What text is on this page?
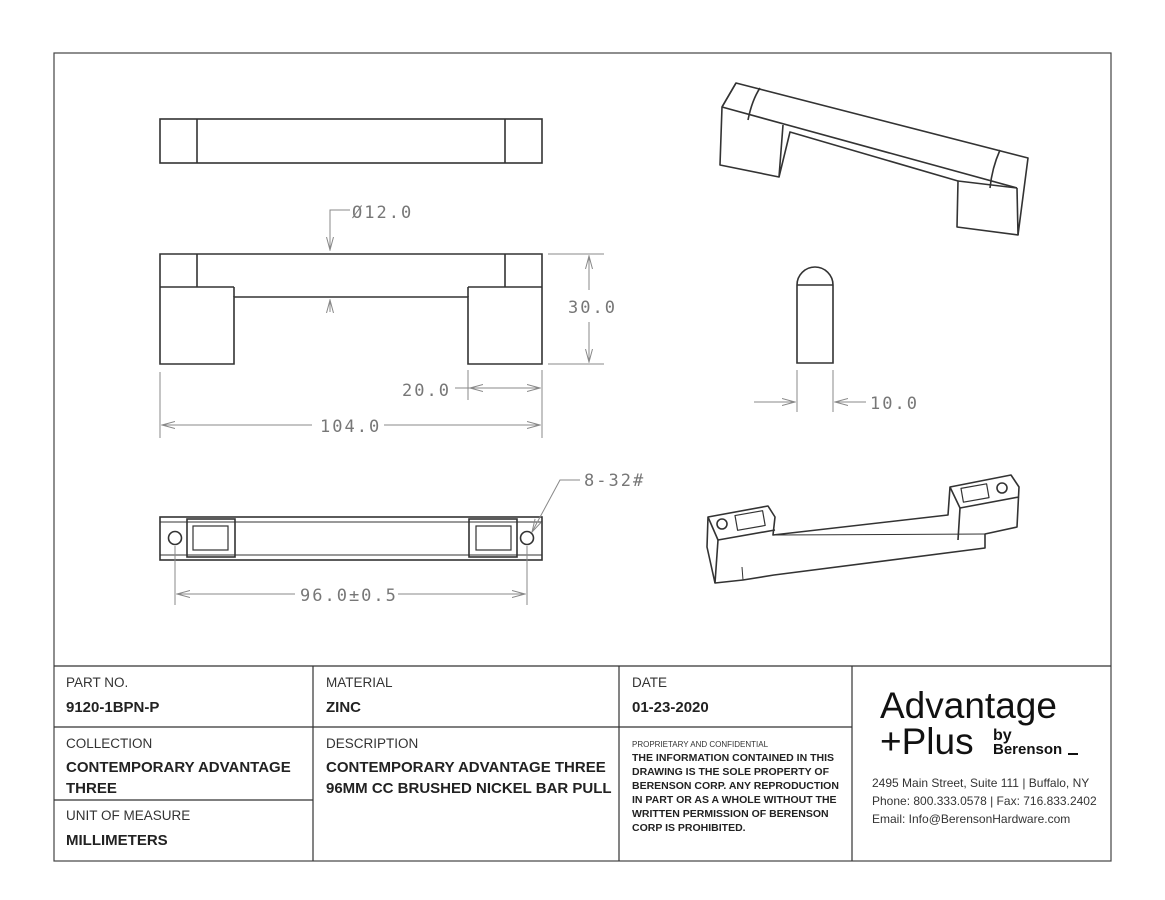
Ø12.0
30.0
20.0
104.0
8-32#
96.0±0.5
10.0
PART NO.
9120-1BPN-P
MATERIAL
ZINC
DATE
01-23-2020
COLLECTION
CONTEMPORARY ADVANTAGE
THREE
DESCRIPTION
CONTEMPORARY ADVANTAGE THREE
96MM CC BRUSHED NICKEL BAR PULL
UNIT OF MEASURE
MILLIMETERS
PROPRIETARY AND CONFIDENTIAL
THE INFORMATION CONTAINED IN THIS
DRAWING IS THE SOLE PROPERTY OF
BERENSON CORP. ANY REPRODUCTION
IN PART OR AS A WHOLE WITHOUT THE
WRITTEN PERMISSION OF BERENSON
CORP IS PROHIBITED.
Advantage
+Plus by
Berenson
2495 Main Street, Suite 111 | Buffalo, NY
Phone: 800.333.0578 | Fax: 716.833.2402
Email: Info@BerensonHardware.com
